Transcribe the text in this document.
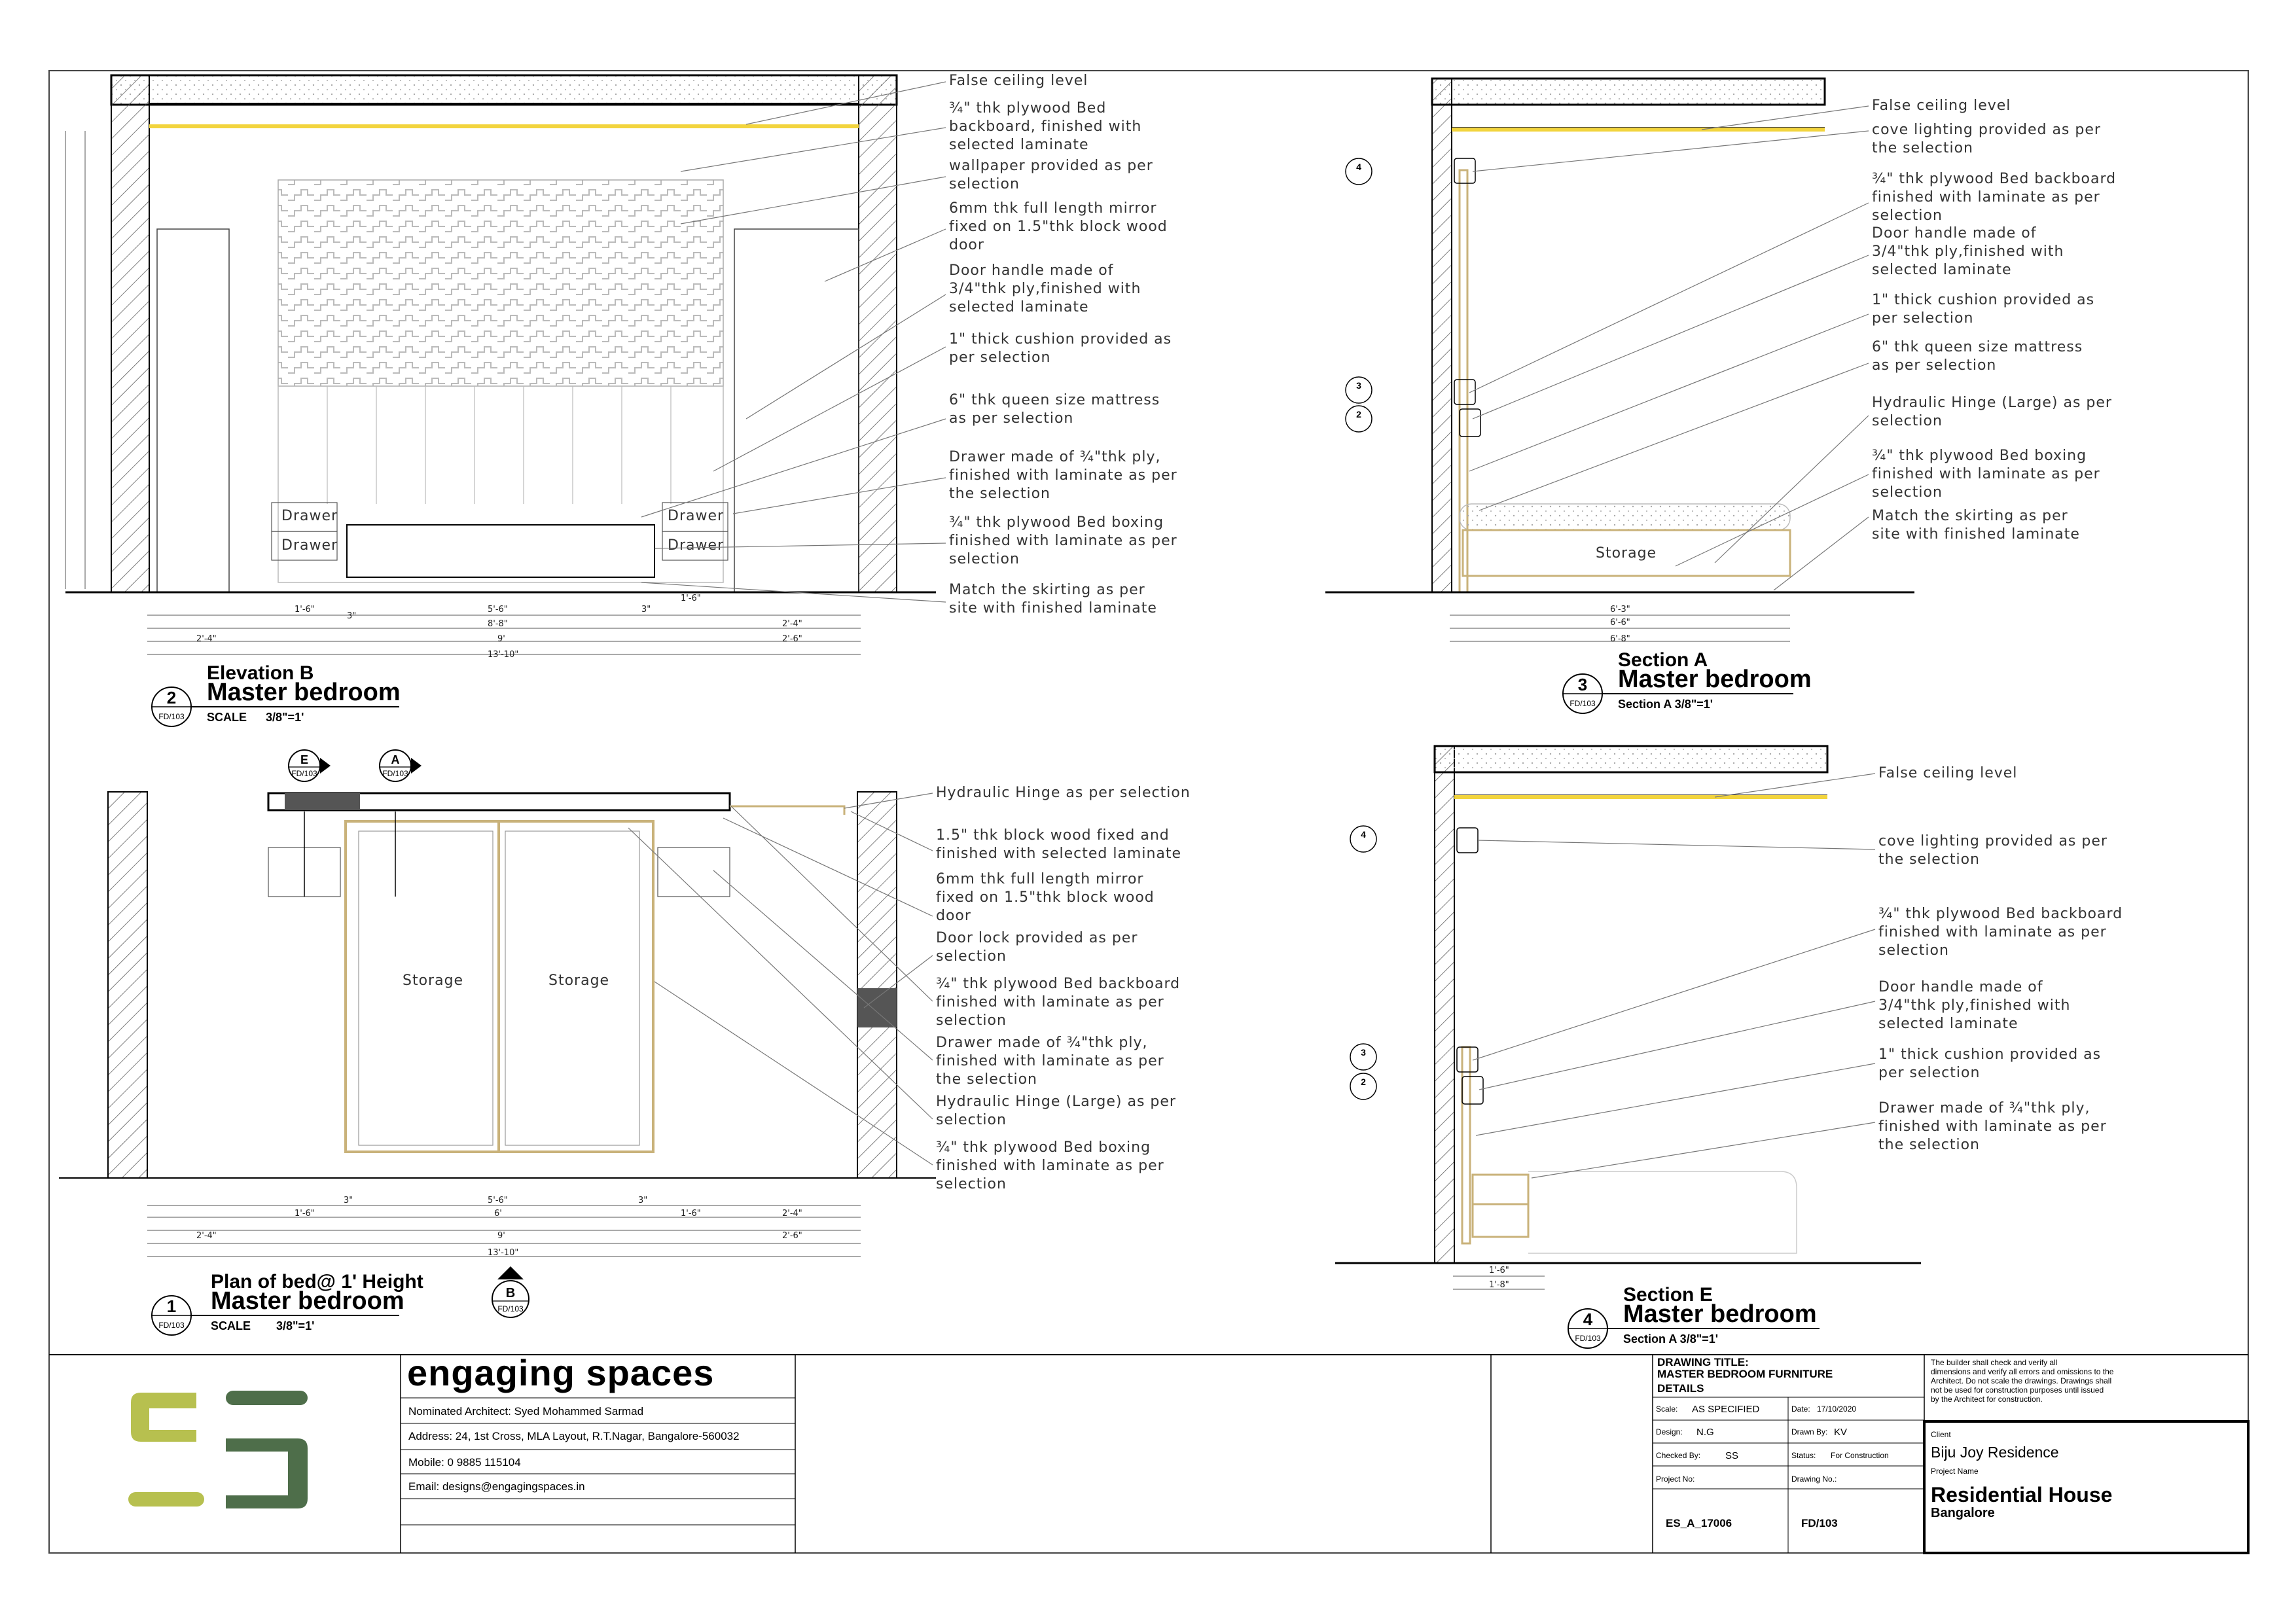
1'-6"
3"
5'-6"	3"
1'-6"
8'-8"
2'-4"
2'-4"
9'	2'-6"
13'-10"
Drawer
Drawer
Drawer
Drawer
False ceiling level
¾" thk plywood Bed
backboard, finished with
selected laminate
wallpaper provided as per
selection
6mm thk full length mirror
fixed on 1.5"thk block wood
door
Door handle made of
3/4"thk ply,finished with
selected laminate
1" thick cushion provided as
per selection
6" thk queen size mattress
as per selection
Drawer made of ¾"thk ply,
finished with laminate as per
the selection
¾" thk plywood Bed boxing
finished with laminate as per
selection
Match the skirting as per
site with finished laminate
2
FD/103
Elevation B
Master bedroom
SCALE 3/8"=1'
Storage	Storage
3"	5'-6"	3"
1'-6"	6'	1'-6"
2'-4"
2'-4"
9'	2'-6"
13'-10"
E
FD/103
A
FD/103
B
FD/103
Hydraulic Hinge as per selection
1.5" thk block wood fixed and
finished with selected laminate
6mm thk full length mirror
fixed on 1.5"thk block wood
door
Door lock provided as per
selection
¾" thk plywood Bed backboard
finished with laminate as per
selection
Drawer made of ¾"thk ply,
finished with laminate as per
the selection
Hydraulic Hinge (Large) as per
selection
¾" thk plywood Bed boxing
finished with laminate as per
selection
1
FD/103
Plan of bed@ 1' Height
Master bedroom
SCALE 3/8"=1'
Storage
6'-3"
6'-6"
6'-8"
4
3
2
False ceiling level
cove lighting provided as per
the selection
¾" thk plywood Bed backboard
finished with laminate as per
selection
Door handle made of
3/4"thk ply,finished with
selected laminate
1" thick cushion provided as
per selection
6" thk queen size mattress
as per selection
Hydraulic Hinge (Large) as per
selection
¾" thk plywood Bed boxing
finished with laminate as per
selection
Match the skirting as per
site with finished laminate
3
FD/103
Section A
Master bedroom
Section A 3/8"=1'
1'-6"
1'-8"
4
3
2
False ceiling level
cove lighting provided as per
the selection
¾" thk plywood Bed backboard
finished with laminate as per
selection
Door handle made of
3/4"thk ply,finished with
selected laminate
1" thick cushion provided as
per selection
Drawer made of ¾"thk ply,
finished with laminate as per
the selection
4
FD/103
Section E
Master bedroom
Section A 3/8"=1'
engaging spaces
Nominated Architect: Syed Mohammed Sarmad
Address: 24, 1st Cross, MLA Layout, R.T.Nagar, Bangalore-560032
Mobile: 0 9885 115104
Email: designs@engagingspaces.in
DRAWING TITLE:
MASTER BEDROOM FURNITURE
DETAILS
Scale: AS SPECIFIED	Date: 17/10/2020
Design: N.G	Drawn By: KV
Checked By:	SS	Status: For Construction
Project No:	Drawing No.:
ES_A_17006	FD/103
The builder shall check and verify all
dimensions and verify all errors and omissions to the
Architect. Do not scale the drawings. Drawings shall
not be used for construction purposes until issued
by the Architect for construction.
Client
Biju Joy Residence
Project Name
Residential House
Bangalore
